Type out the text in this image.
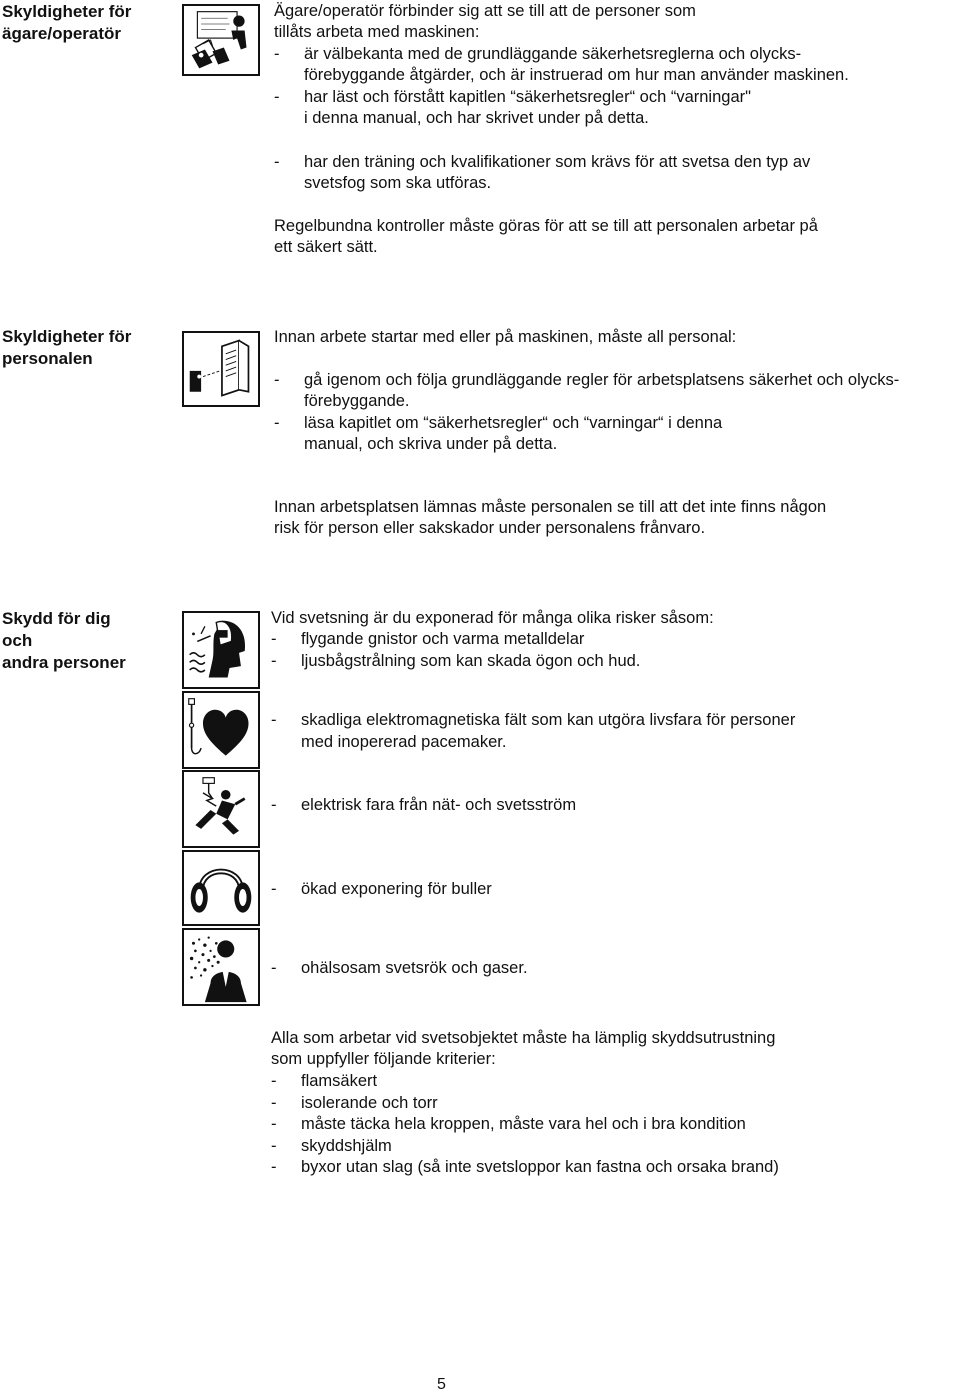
Skyldigheter för
ägare/operatör
Ägare/operatör förbinder sig att se till att de personer som
tillåts arbeta med maskinen:
- är välbekanta med de grundläggande säkerhetsreglerna och olycks-
förebyggande åtgärder, och är instruerad om hur man använder maskinen.
- har läst och förstått kapitlen “säkerhetsregler“ och “varningar"
i denna manual, och har skrivet under på detta.
- har den träning och kvalifikationer som krävs för att svetsa den typ av
svetsfog som ska utföras.
Regelbundna kontroller måste göras för att se till att personalen arbetar på
ett säkert sätt.
Skyldigheter för
personalen
Innan arbete startar med eller på maskinen, måste all personal:
- gå igenom och följa grundläggande regler för arbetsplatsens säkerhet och olycks-
förebyggande.
- läsa kapitlet om “säkerhetsregler“ och “varningar“ i denna
manual, och skriva under på detta.
Innan arbetsplatsen lämnas måste personalen se till att det inte finns någon
risk för person eller sakskador under personalens frånvaro.
Skydd för dig
och
andra personer
Vid svetsning är du exponerad för många olika risker såsom:
- flygande gnistor och varma metalldelar
- ljusbågstrålning som kan skada ögon och hud.
- skadliga elektromagnetiska fält som kan utgöra livsfara för personer
med inopererad pacemaker.
- elektrisk fara från nät- och svetsström
- ökad exponering för buller
- ohälsosam svetsrök och gaser.
Alla som arbetar vid svetsobjektet måste ha lämplig skyddsutrustning
som uppfyller följande kriterier:
- flamsäkert
- isolerande och torr
- måste täcka hela kroppen, måste vara hel och i bra kondition
- skyddshjälm
- byxor utan slag (så inte svetsloppor kan fastna och orsaka brand)
5
